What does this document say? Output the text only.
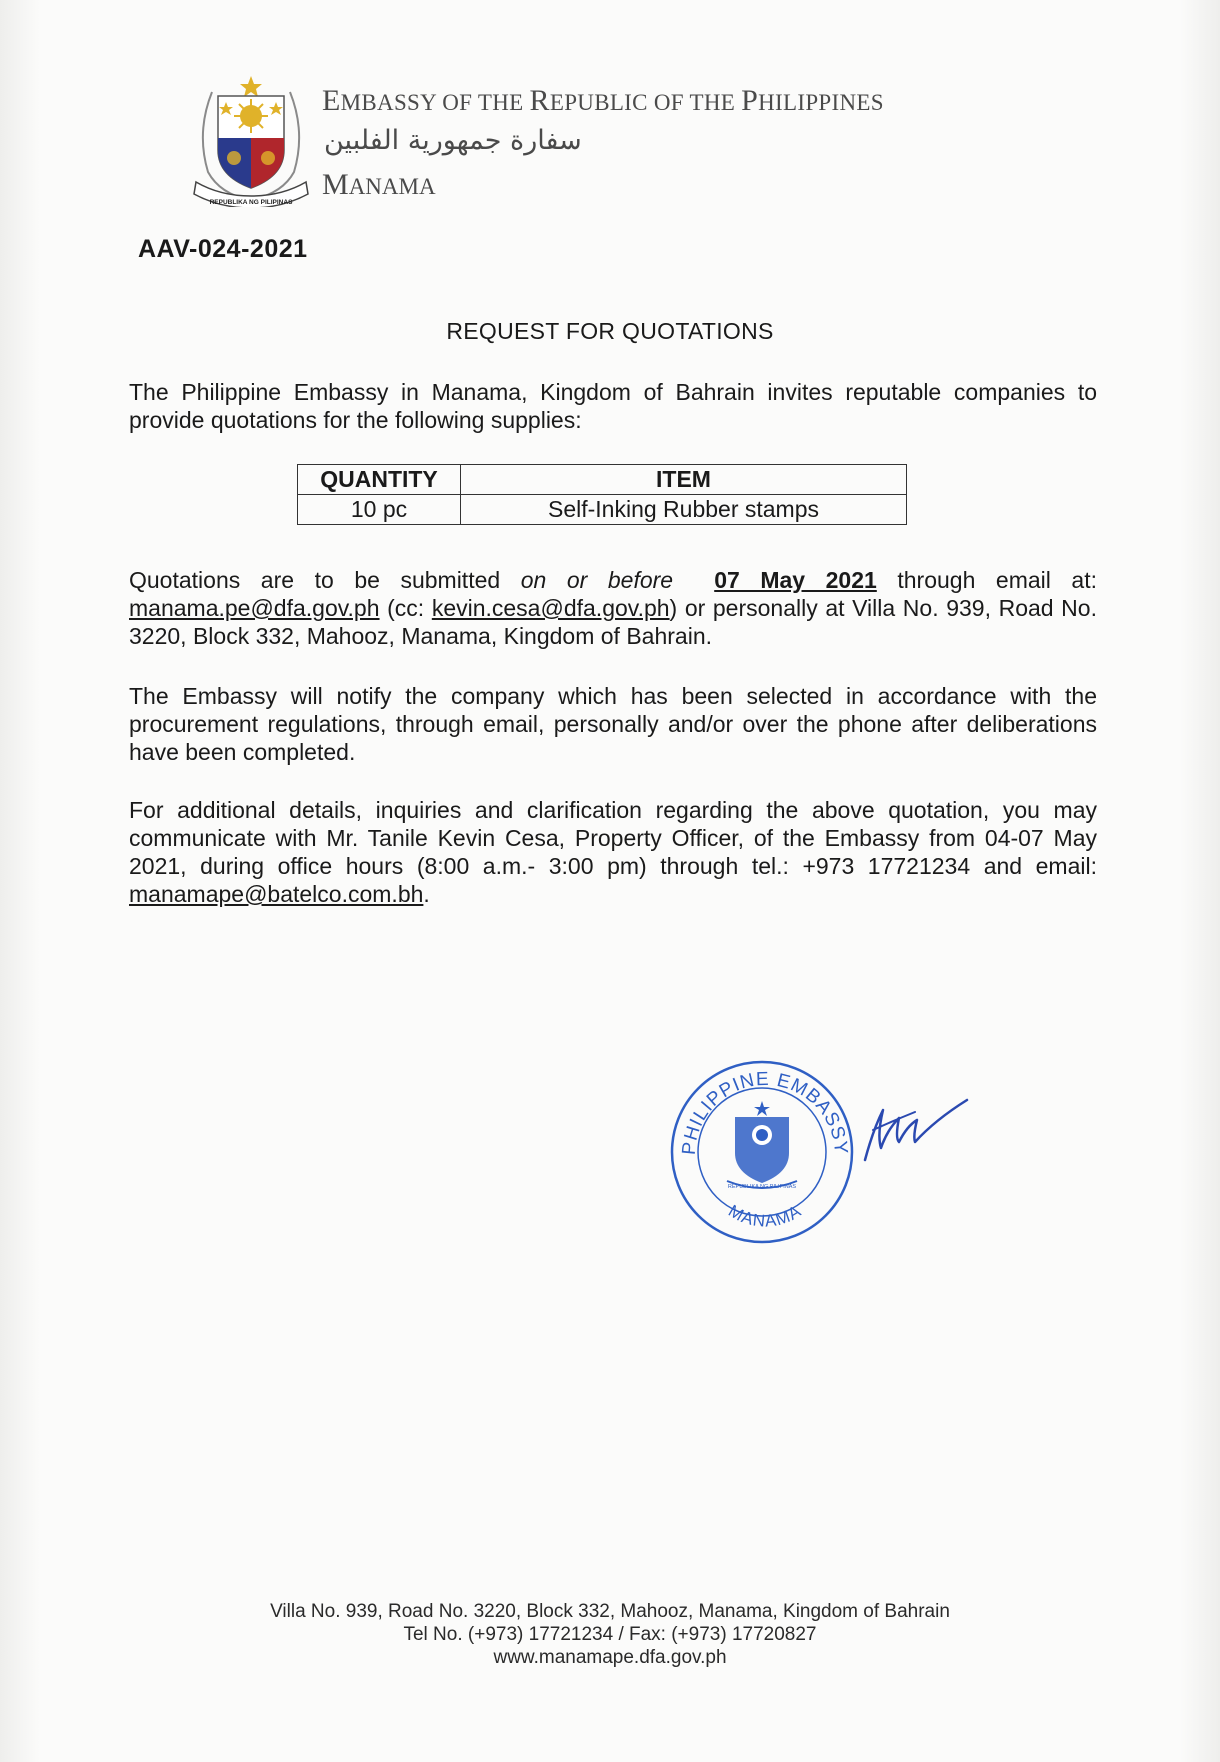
REPUBLIKA NG PILIPINAS
EMBASSY OF THE REPUBLIC OF THE PHILIPPINES
سفارة جمهورية الفلبين
MANAMA
AAV-024-2021
REQUEST FOR QUOTATIONS
The Philippine Embassy in Manama, Kingdom of Bahrain invites reputable companies to provide quotations for the following supplies:
QUANTITY	ITEM
10 pc	Self-Inking Rubber stamps
Quotations are to be submitted on or before 07 May 2021 through email at: manama.pe@dfa.gov.ph (cc: kevin.cesa@dfa.gov.ph) or personally at Villa No. 939, Road No. 3220, Block 332, Mahooz, Manama, Kingdom of Bahrain.
The Embassy will notify the company which has been selected in accordance with the procurement regulations, through email, personally and/or over the phone after deliberations have been completed.
For additional details, inquiries and clarification regarding the above quotation, you may communicate with Mr. Tanile Kevin Cesa, Property Officer, of the Embassy from 04-07 May 2021, during office hours (8:00 a.m.- 3:00 pm) through tel.: +973 17721234 and email: manamape@batelco.com.bh.
PHILIPPINE EMBASSY
MANAMA
REPUBLIKA NG PILIPINAS
Villa No. 939, Road No. 3220, Block 332, Mahooz, Manama, Kingdom of Bahrain
Tel No. (+973) 17721234 / Fax: (+973) 17720827
www.manamape.dfa.gov.ph
